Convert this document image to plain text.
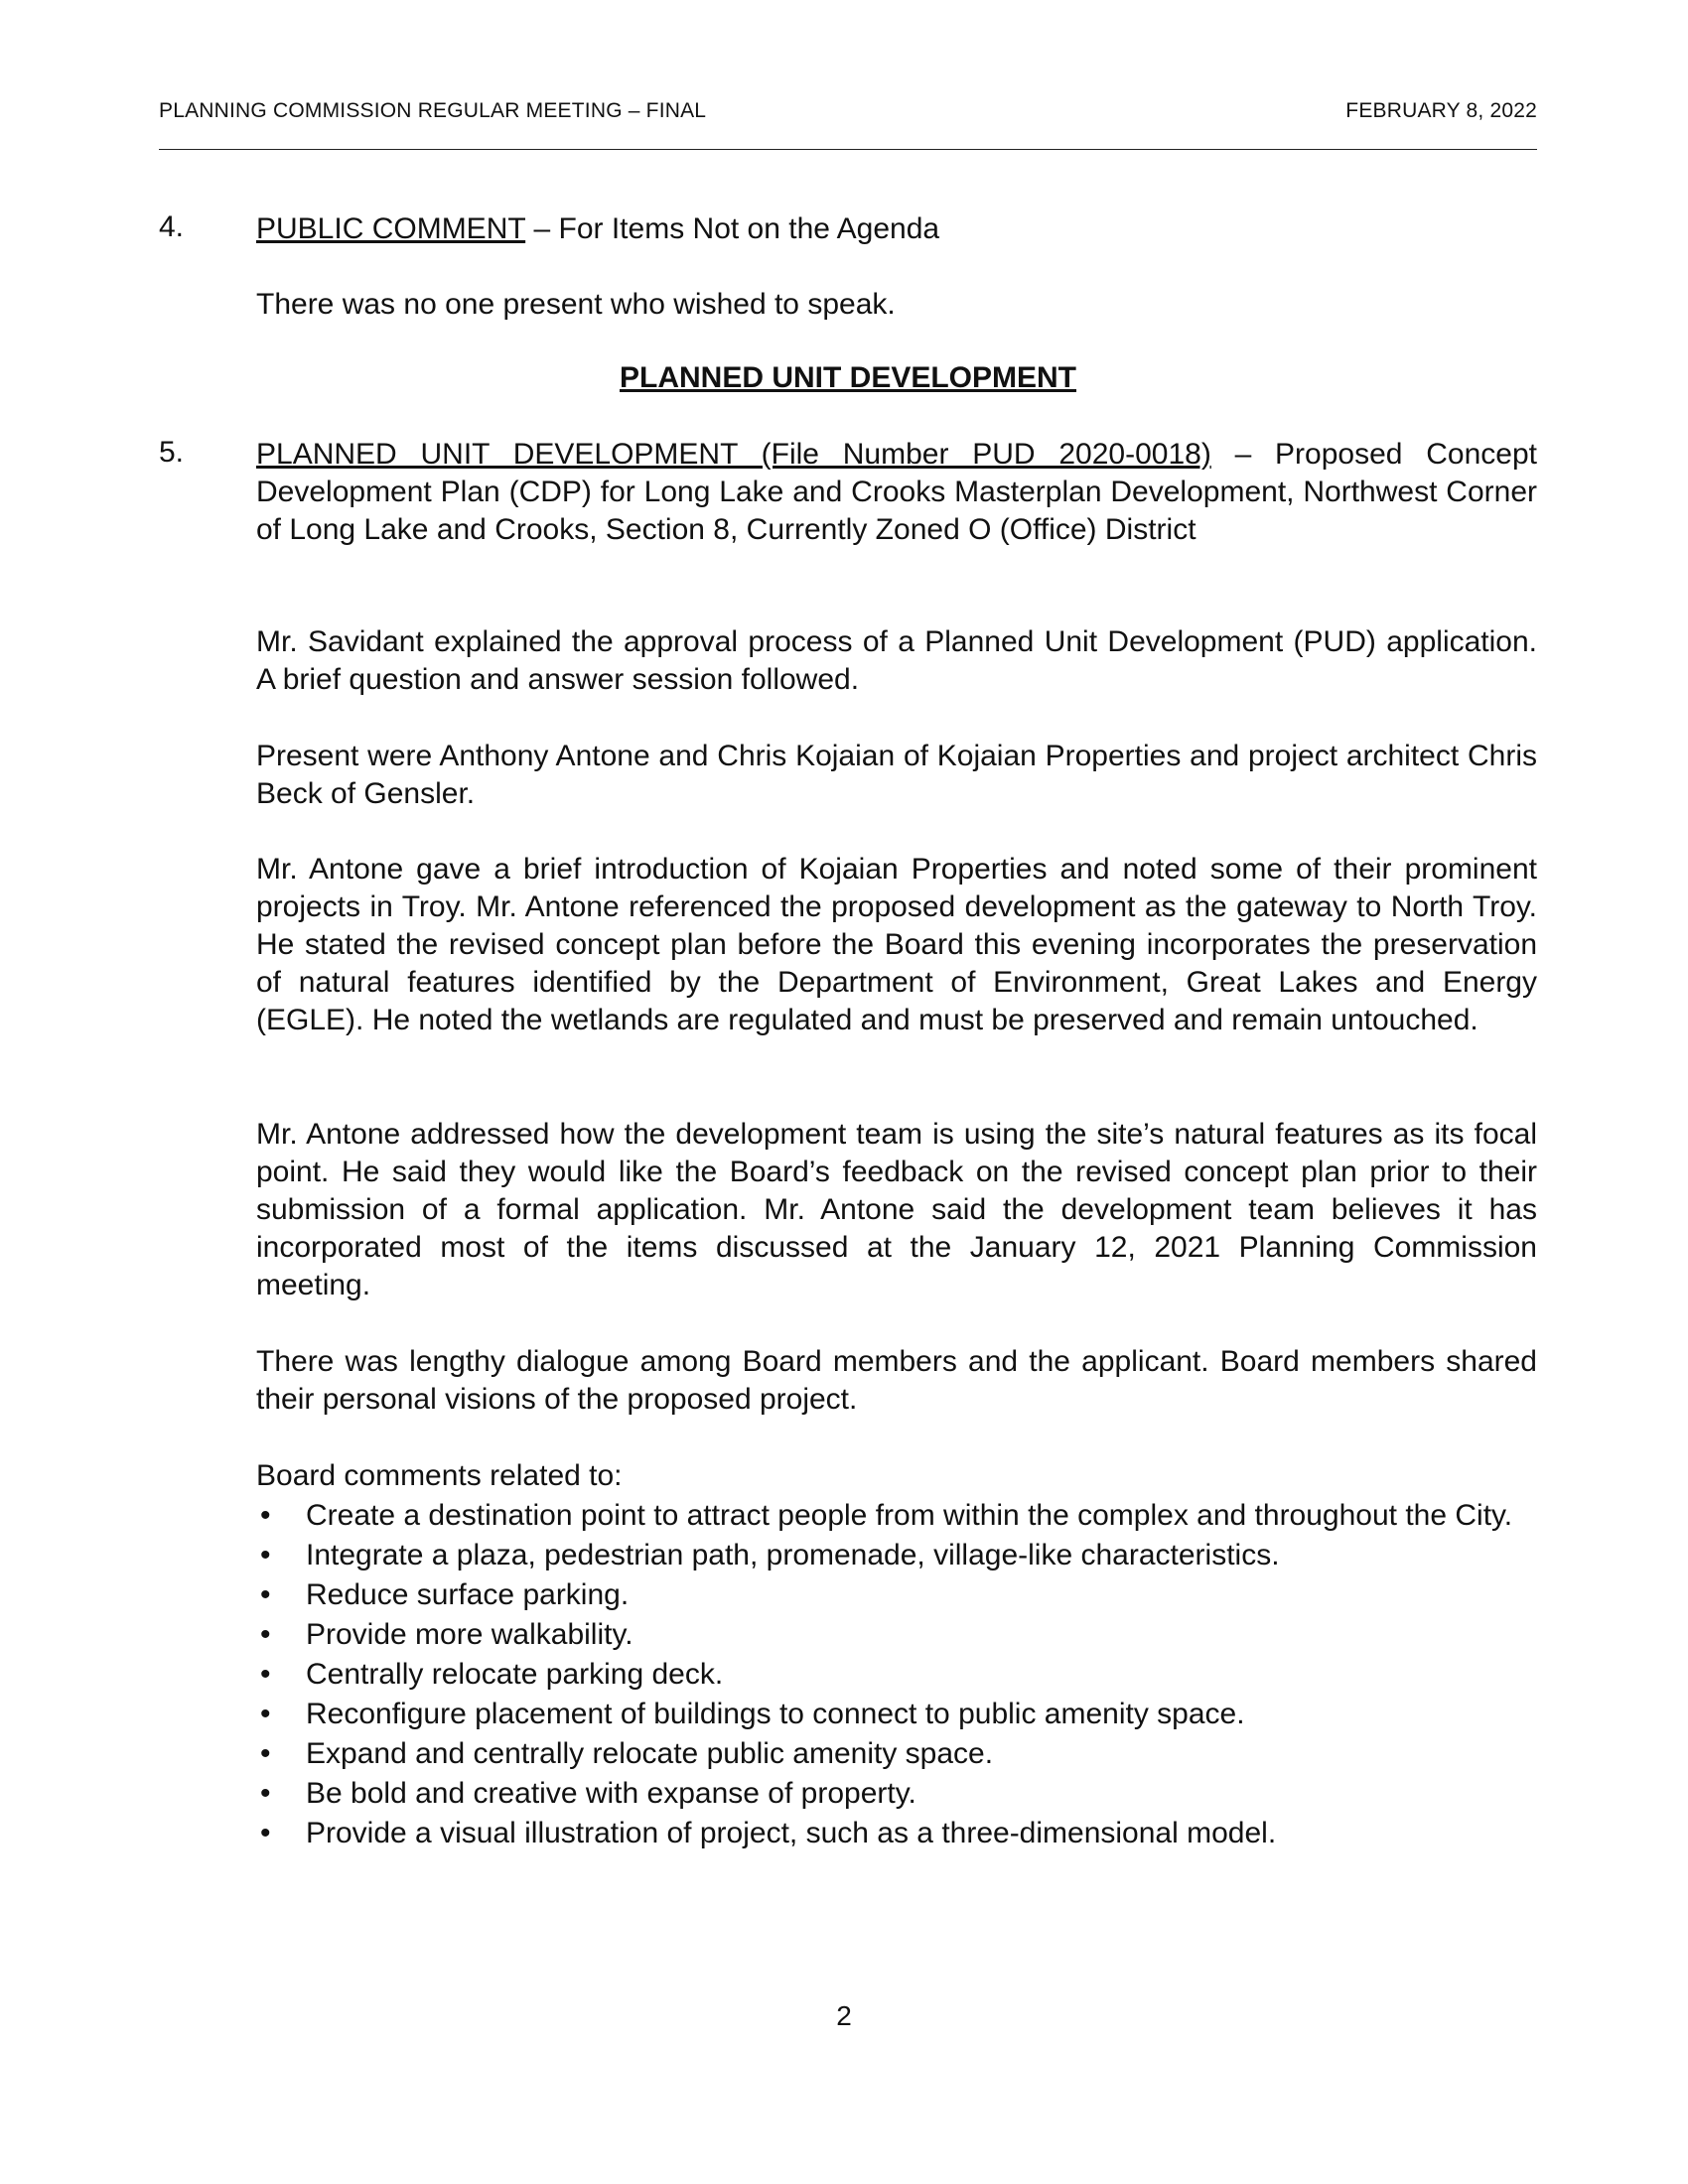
PLANNING COMMISSION REGULAR MEETING – FINAL	FEBRUARY 8, 2022
4. PUBLIC COMMENT – For Items Not on the Agenda
There was no one present who wished to speak.
PLANNED UNIT DEVELOPMENT
5. PLANNED UNIT DEVELOPMENT (File Number PUD 2020-0018) – Proposed Concept Development Plan (CDP) for Long Lake and Crooks Masterplan Development, Northwest Corner of Long Lake and Crooks, Section 8, Currently Zoned O (Office) District
Mr. Savidant explained the approval process of a Planned Unit Development (PUD) application. A brief question and answer session followed.
Present were Anthony Antone and Chris Kojaian of Kojaian Properties and project architect Chris Beck of Gensler.
Mr. Antone gave a brief introduction of Kojaian Properties and noted some of their prominent projects in Troy. Mr. Antone referenced the proposed development as the gateway to North Troy. He stated the revised concept plan before the Board this evening incorporates the preservation of natural features identified by the Department of Environment, Great Lakes and Energy (EGLE). He noted the wetlands are regulated and must be preserved and remain untouched.
Mr. Antone addressed how the development team is using the site’s natural features as its focal point. He said they would like the Board’s feedback on the revised concept plan prior to their submission of a formal application. Mr. Antone said the development team believes it has incorporated most of the items discussed at the January 12, 2021 Planning Commission meeting.
There was lengthy dialogue among Board members and the applicant. Board members shared their personal visions of the proposed project.
Board comments related to:
• Create a destination point to attract people from within the complex and throughout the City.
• Integrate a plaza, pedestrian path, promenade, village-like characteristics.
• Reduce surface parking.
• Provide more walkability.
• Centrally relocate parking deck.
• Reconfigure placement of buildings to connect to public amenity space.
• Expand and centrally relocate public amenity space.
• Be bold and creative with expanse of property.
• Provide a visual illustration of project, such as a three-dimensional model.
2
